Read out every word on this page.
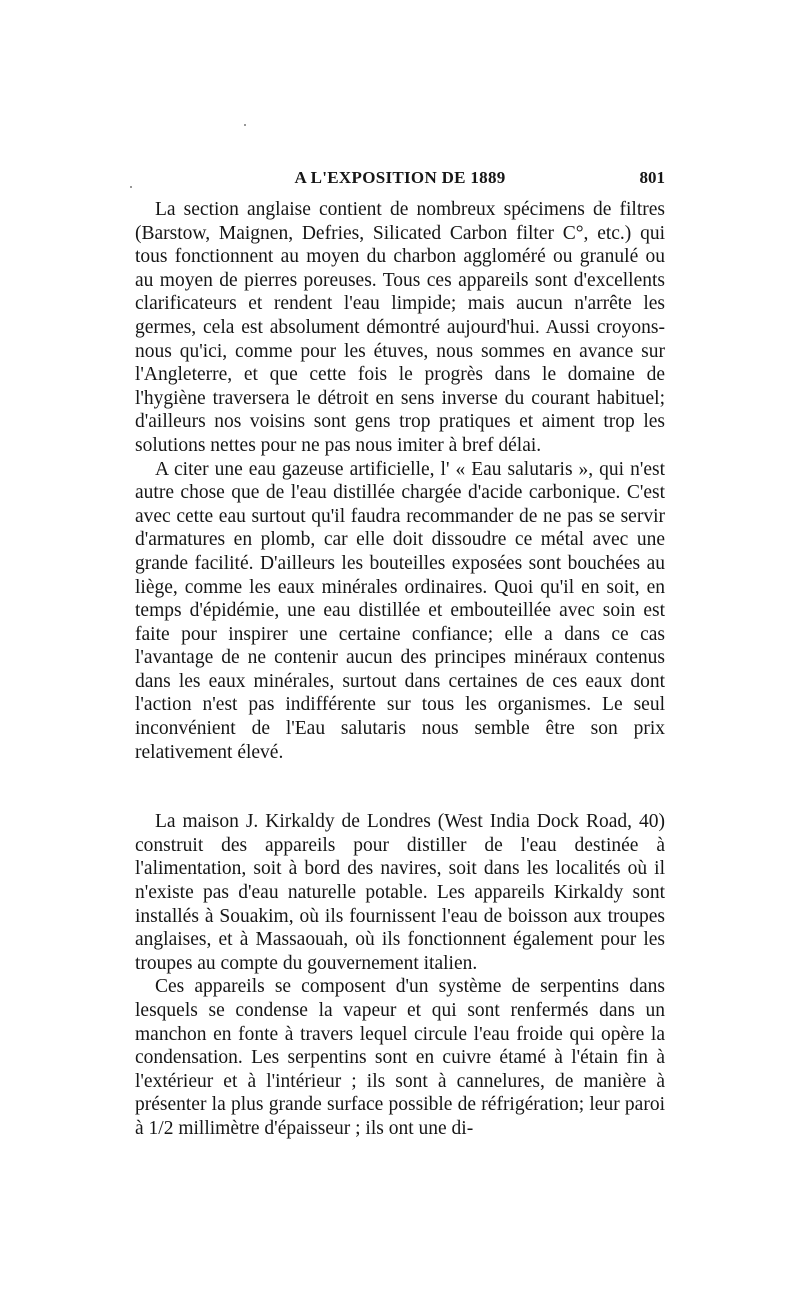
A L'EXPOSITION DE 1889	801

La section anglaise contient de nombreux spécimens de filtres (Barstow, Maignen, Defries, Silicated Carbon filter C°, etc.) qui tous fonctionnent au moyen du charbon aggloméré ou granulé ou au moyen de pierres poreuses. Tous ces appareils sont d'excellents clarificateurs et rendent l'eau limpide; mais aucun n'arrête les germes, cela est absolument démontré aujourd'hui. Aussi croyons-nous qu'ici, comme pour les étuves, nous sommes en avance sur l'Angleterre, et que cette fois le progrès dans le domaine de l'hygiène traversera le détroit en sens inverse du courant habituel; d'ailleurs nos voisins sont gens trop pratiques et aiment trop les solutions nettes pour ne pas nous imiter à bref délai.

A citer une eau gazeuse artificielle, l' « Eau salutaris », qui n'est autre chose que de l'eau distillée chargée d'acide carbonique. C'est avec cette eau surtout qu'il faudra recommander de ne pas se servir d'armatures en plomb, car elle doit dissoudre ce métal avec une grande facilité. D'ailleurs les bouteilles exposées sont bouchées au liège, comme les eaux minérales ordinaires. Quoi qu'il en soit, en temps d'épidémie, une eau distillée et embouteillée avec soin est faite pour inspirer une certaine confiance; elle a dans ce cas l'avantage de ne contenir aucun des principes minéraux contenus dans les eaux minérales, surtout dans certaines de ces eaux dont l'action n'est pas indifférente sur tous les organismes. Le seul inconvénient de l'Eau salutaris nous semble être son prix relativement élevé.

La maison J. Kirkaldy de Londres (West India Dock Road, 40) construit des appareils pour distiller de l'eau destinée à l'alimentation, soit à bord des navires, soit dans les localités où il n'existe pas d'eau naturelle potable. Les appareils Kirkaldy sont installés à Souakim, où ils fournissent l'eau de boisson aux troupes anglaises, et à Massaouah, où ils fonctionnent également pour les troupes au compte du gouvernement italien.

Ces appareils se composent d'un système de serpentins dans lesquels se condense la vapeur et qui sont renfermés dans un manchon en fonte à travers lequel circule l'eau froide qui opère la condensation. Les serpentins sont en cuivre étamé à l'étain fin à l'extérieur et à l'intérieur ; ils sont à cannelures, de manière à présenter la plus grande surface possible de réfrigération; leur paroi à 1/2 millimètre d'épaisseur ; ils ont une di-
